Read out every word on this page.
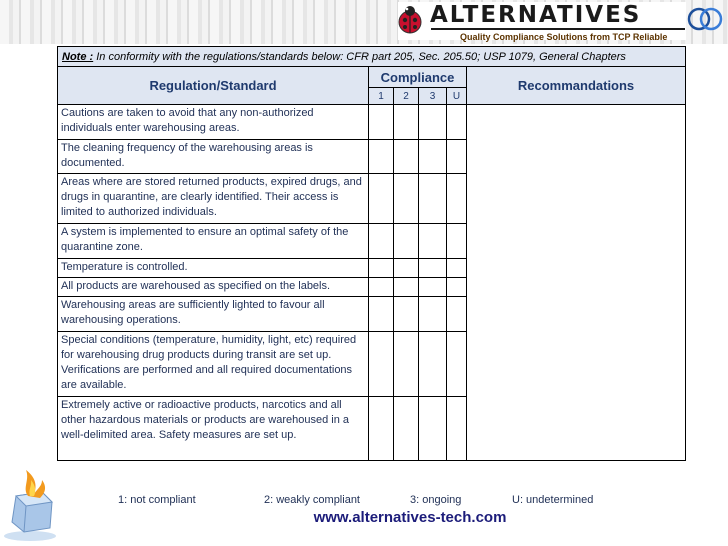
ALTERNATIVES
Quality Compliance Solutions from TCP Reliable
Note : In conformity with the regulations/standards below: CFR part 205, Sec. 205.50; USP 1079, General Chapters					
Regulation/Standard	Compliance				Recommandations
	1	2	3	U	
Cautions are taken to avoid that any non-authorized individuals enter warehousing areas.					
The cleaning frequency of the warehousing areas is documented.					
Areas where are stored returned products, expired drugs, and drugs in quarantine, are clearly identified. Their access is limited to authorized individuals.					
A system is implemented to ensure an optimal safety of the quarantine zone.					
Temperature is controlled.					
All products are warehoused as specified on the labels.					
Warehousing areas are sufficiently lighted to favour all warehousing operations.					
Special conditions (temperature, humidity, light, etc) required for warehousing drug products during transit are set up. Verifications are performed and all required documentations are available.					
Extremely active or radioactive products, narcotics and all other hazardous materials or products are warehoused in a well-delimited area. Safety measures are set up.					
1: not compliant	2: weakly compliant	3: ongoing	U: undetermined
www.alternatives-tech.com
